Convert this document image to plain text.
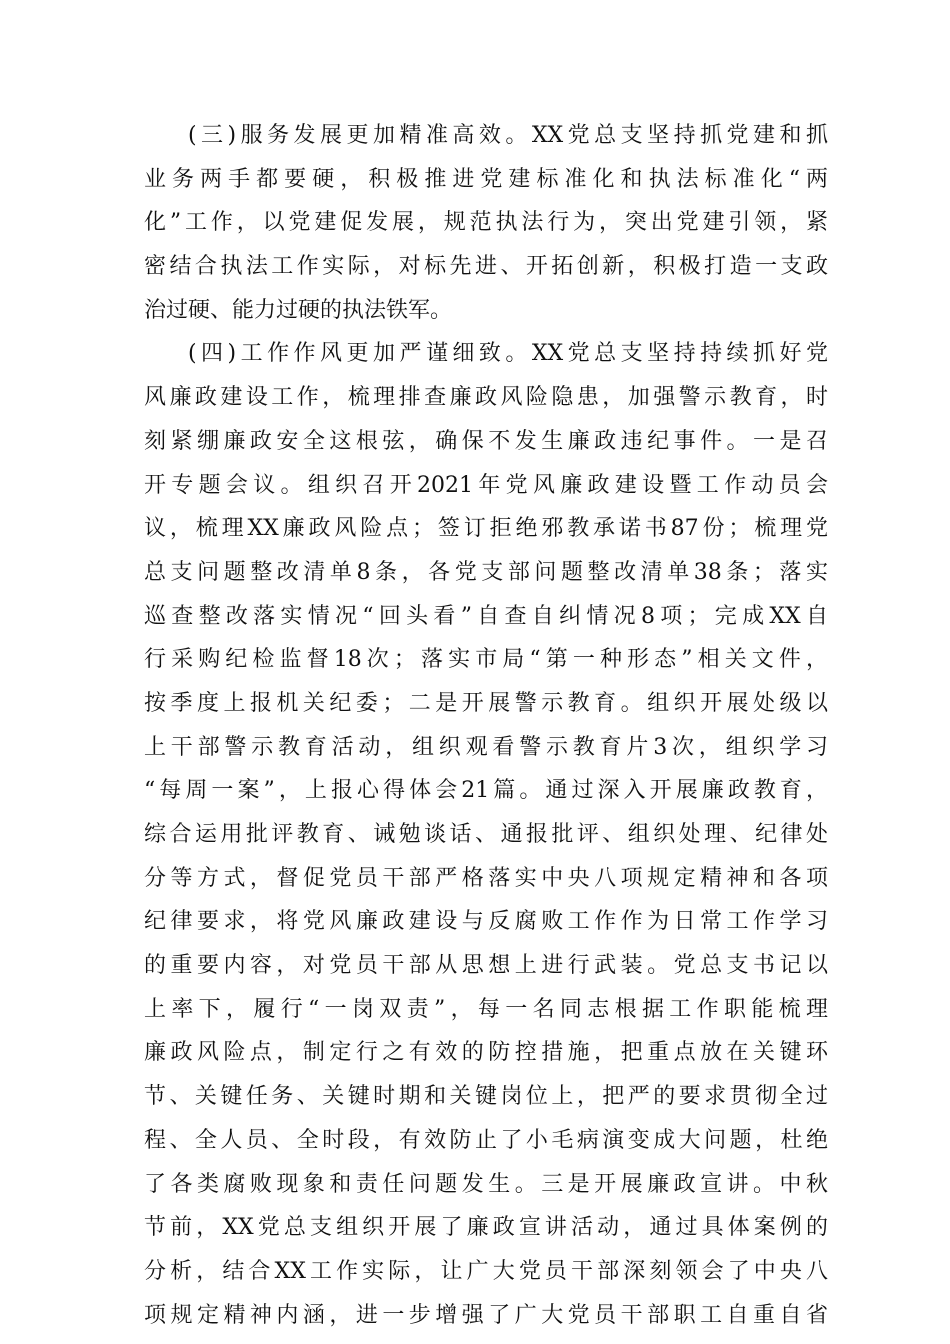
(三)服务发展更加精准高效。XX党总支坚持抓党建和抓
业务两手都要硬，积极推进党建标准化和执法标准化“两
化”工作，以党建促发展，规范执法行为，突出党建引领，紧
密结合执法工作实际，对标先进、开拓创新，积极打造一支政
治过硬、能力过硬的执法铁军。
(四)工作作风更加严谨细致。XX党总支坚持持续抓好党
风廉政建设工作，梳理排查廉政风险隐患，加强警示教育，时
刻紧绷廉政安全这根弦，确保不发生廉政违纪事件。一是召
开专题会议。组织召开2021年党风廉政建设暨工作动员会
议，梳理XX廉政风险点；签订拒绝邪教承诺书87份；梳理党
总支问题整改清单8条，各党支部问题整改清单38条；落实
巡查整改落实情况“回头看”自查自纠情况8项；完成XX自
行采购纪检监督18次；落实市局“第一种形态”相关文件，
按季度上报机关纪委；二是开展警示教育。组织开展处级以
上干部警示教育活动，组织观看警示教育片3次，组织学习
“每周一案”，上报心得体会21篇。通过深入开展廉政教育，
综合运用批评教育、诫勉谈话、通报批评、组织处理、纪律处
分等方式，督促党员干部严格落实中央八项规定精神和各项
纪律要求，将党风廉政建设与反腐败工作作为日常工作学习
的重要内容，对党员干部从思想上进行武装。党总支书记以
上率下，履行“一岗双责”，每一名同志根据工作职能梳理
廉政风险点，制定行之有效的防控措施，把重点放在关键环
节、关键任务、关键时期和关键岗位上，把严的要求贯彻全过
程、全人员、全时段，有效防止了小毛病演变成大问题，杜绝
了各类腐败现象和责任问题发生。三是开展廉政宣讲。中秋
节前，XX党总支组织开展了廉政宣讲活动，通过具体案例的
分析，结合XX工作实际，让广大党员干部深刻领会了中央八
项规定精神内涵，进一步增强了广大党员干部职工自重自省
